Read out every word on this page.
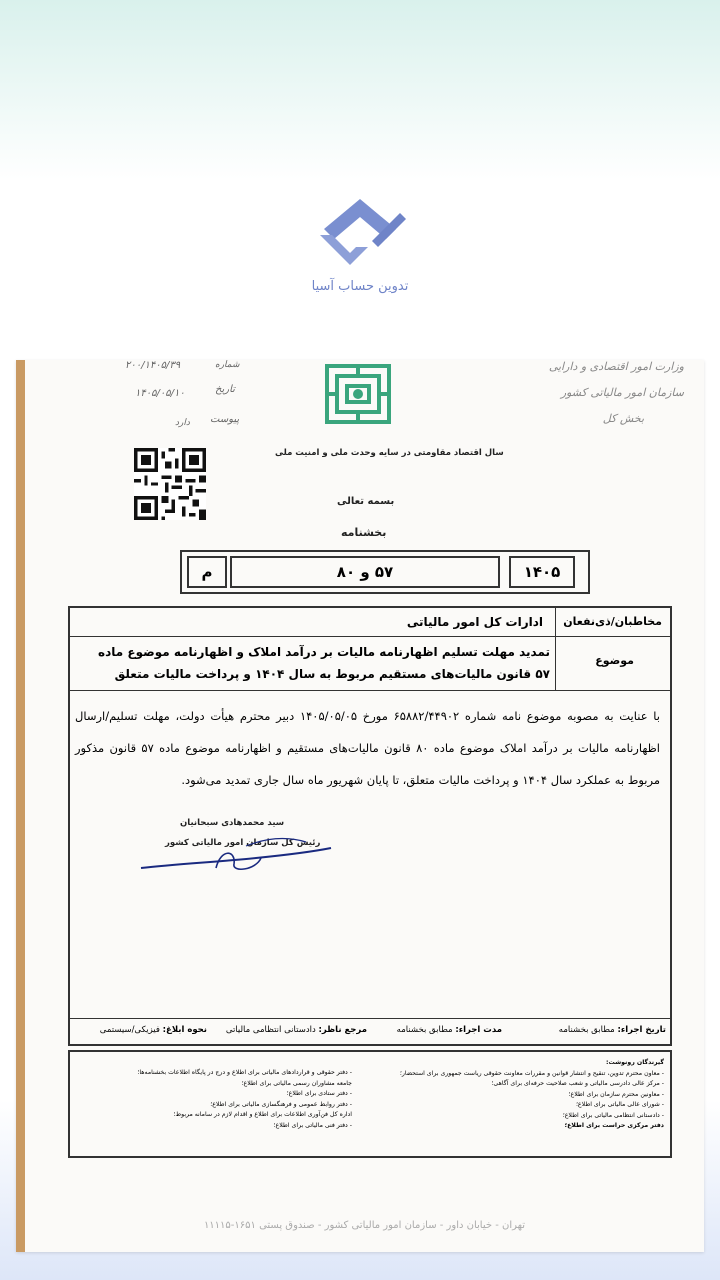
تدوین حساب آسیا
۲۰۰/۱۴۰۵/۳۹	شماره
۱۴۰۵/۰۵/۱۰	تاریخ
دارد پیوست
وزارت امور اقتصادی و دارایی
سازمان امور مالیاتی کشور
بخش کل
سال اقتصاد مقاومتی در سایه وحدت ملی و امنیت ملی
بسمه تعالی
بخشنامه
م	۵۷ و ۸۰	۱۴۰۵
مخاطبان/ذی‌نفعان
ادارات کل امور مالیاتی
موضوع
تمدید مهلت تسلیم اظهارنامه مالیات بر درآمد املاک و اظهارنامه موضوع ماده ۵۷ قانون مالیات‌های مستقیم مربوط به سال ۱۴۰۴ و پرداخت مالیات متعلق
با عنایت به مصوبه موضوع نامه شماره ۶۵۸۸۲/۴۴۹۰۲ مورخ ۱۴۰۵/۰۵/۰۵ دبیر محترم هیأت دولت، مهلت تسلیم/ارسال اظهارنامه مالیات بر درآمد املاک موضوع ماده ۸۰ قانون مالیات‌های مستقیم و اظهارنامه موضوع ماده ۵۷ قانون مذکور مربوط به عملکرد سال ۱۴۰۴ و پرداخت مالیات متعلق، تا پایان شهریور ماه سال جاری تمدید می‌شود.
سید محمدهادی سبحانیان
رئیس کل سازمان امور مالیاتی کشور
تاریخ اجراء: مطابق بخشنامه
مدت اجراء: مطابق بخشنامه
مرجع ناظر: دادستانی انتظامی مالیاتی
نحوه ابلاغ: فیزیکی/سیستمی
گیرندگان رونوشت:
- معاون محترم تدوین، تنقیح و انتشار قوانین و مقررات معاونت حقوقی ریاست جمهوری برای استحضار؛
- مرکز عالی دادرسی مالیاتی و شعب صلاحیت حرفه‌ای برای آگاهی؛
- معاونین محترم سازمان برای اطلاع؛
- شورای عالی مالیاتی برای اطلاع؛
- دادستانی انتظامی مالیاتی برای اطلاع؛
دفتر مرکزی حراست برای اطلاع؛
- دفتر حقوقی و قراردادهای مالیاتی برای اطلاع و درج در پایگاه اطلاعات بخشنامه‌ها؛
جامعه مشاوران رسمی مالیاتی برای اطلاع؛
- دفتر ستادی برای اطلاع؛
- دفتر روابط عمومی و فرهنگسازی مالیاتی برای اطلاع؛
اداره کل فن‌آوری اطلاعات برای اطلاع و اقدام لازم در سامانه مربوط؛
- دفتر فنی مالیاتی برای اطلاع؛
تهران - خیابان داور - سازمان امور مالیاتی کشور - صندوق پستی ۱۶۵۱-۱۱۱۱۵
